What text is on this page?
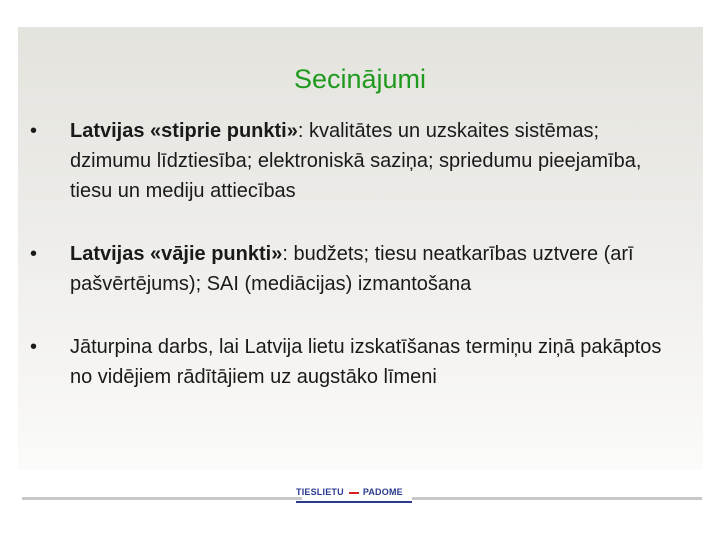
Secinājumi
•	Latvijas «stiprie punkti»: kvalitātes un uzskaites sistēmas; dzimumu līdztiesība; elektroniskā saziņa; spriedumu pieejamība, tiesu un mediju attiecības
•	Latvijas «vājie punkti»: budžets; tiesu neatkarības uztvere (arī pašvērtējums); SAI (mediācijas) izmantošana
•	Jāturpina darbs, lai Latvija lietu izskatīšanas termiņu ziņā pakāptos no vidējiem rādītājiem uz augstāko līmeni
TIESLIETU PADOME
